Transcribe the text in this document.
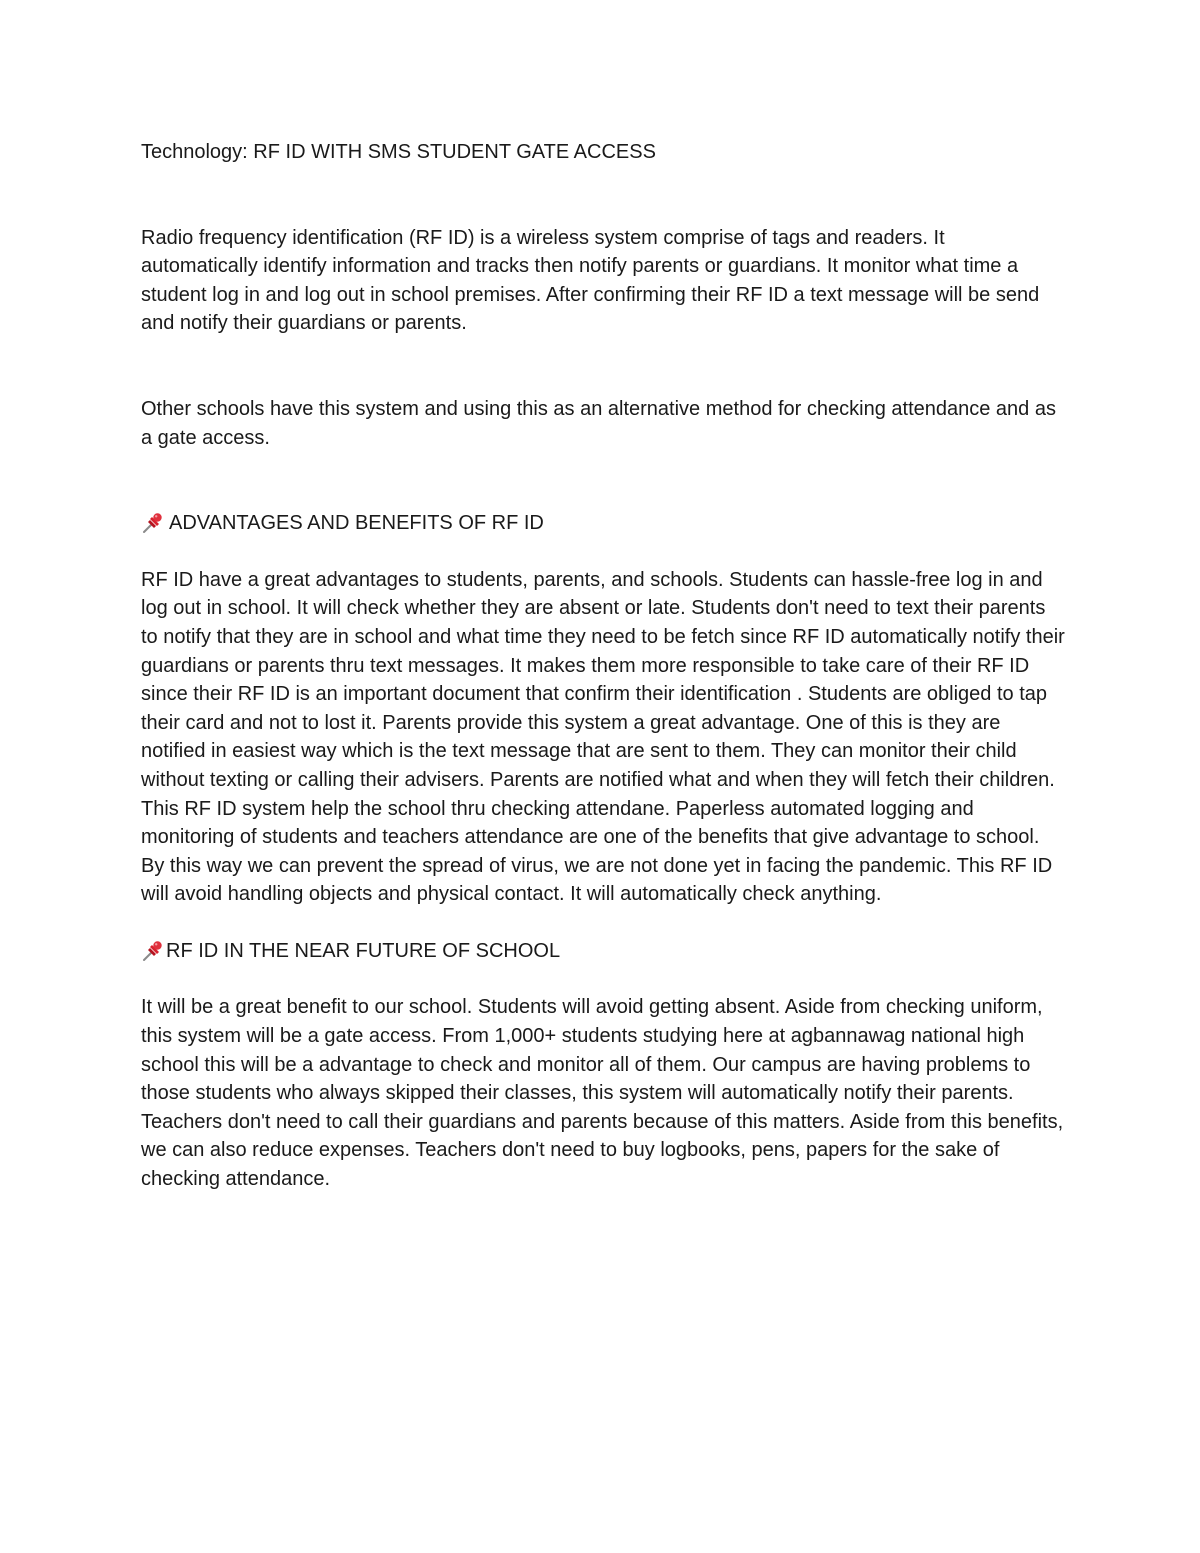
Technology: RF ID WITH SMS STUDENT GATE ACCESS

Radio frequency identification (RF ID) is a wireless system comprise of tags and readers. It automatically identify information and tracks then notify parents or guardians. It monitor what time a student log in and log out in school premises. After confirming their RF ID a text message will be send and notify their guardians or parents.

Other schools have this system and using this as an alternative method for checking attendance and as a gate access.

ADVANTAGES AND BENEFITS OF RF ID

RF ID have a great advantages to students, parents, and schools. Students can hassle-free log in and log out in school. It will check whether they are absent or late. Students don't need to text their parents to notify that they are in school and what time they need to be fetch since RF ID automatically notify their guardians or parents thru text messages. It makes them more responsible to take care of their RF ID since their RF ID is an important document that confirm their identification . Students are obliged to tap their card and not to lost it. Parents provide this system a great advantage. One of this is they are notified in easiest way which is the text message that are sent to them. They can monitor their child without texting or calling their advisers. Parents are notified what and when they will fetch their children. This RF ID system help the school thru checking attendane. Paperless automated logging and monitoring of students and teachers attendance are one of the benefits that give advantage to school. By this way we can prevent the spread of virus, we are not done yet in facing the pandemic. This RF ID will avoid handling objects and physical contact. It will automatically check anything.

RF ID IN THE NEAR FUTURE OF SCHOOL

It will be a great benefit to our school. Students will avoid getting absent. Aside from checking uniform, this system will be a gate access. From 1,000+ students studying here at agbannawag national high school this will be a advantage to check and monitor all of them. Our campus are having problems to those students who always skipped their classes, this system will automatically notify their parents. Teachers don't need to call their guardians and parents because of this matters. Aside from this benefits, we can also reduce expenses. Teachers don't need to buy logbooks, pens, papers for the sake of checking attendance.
